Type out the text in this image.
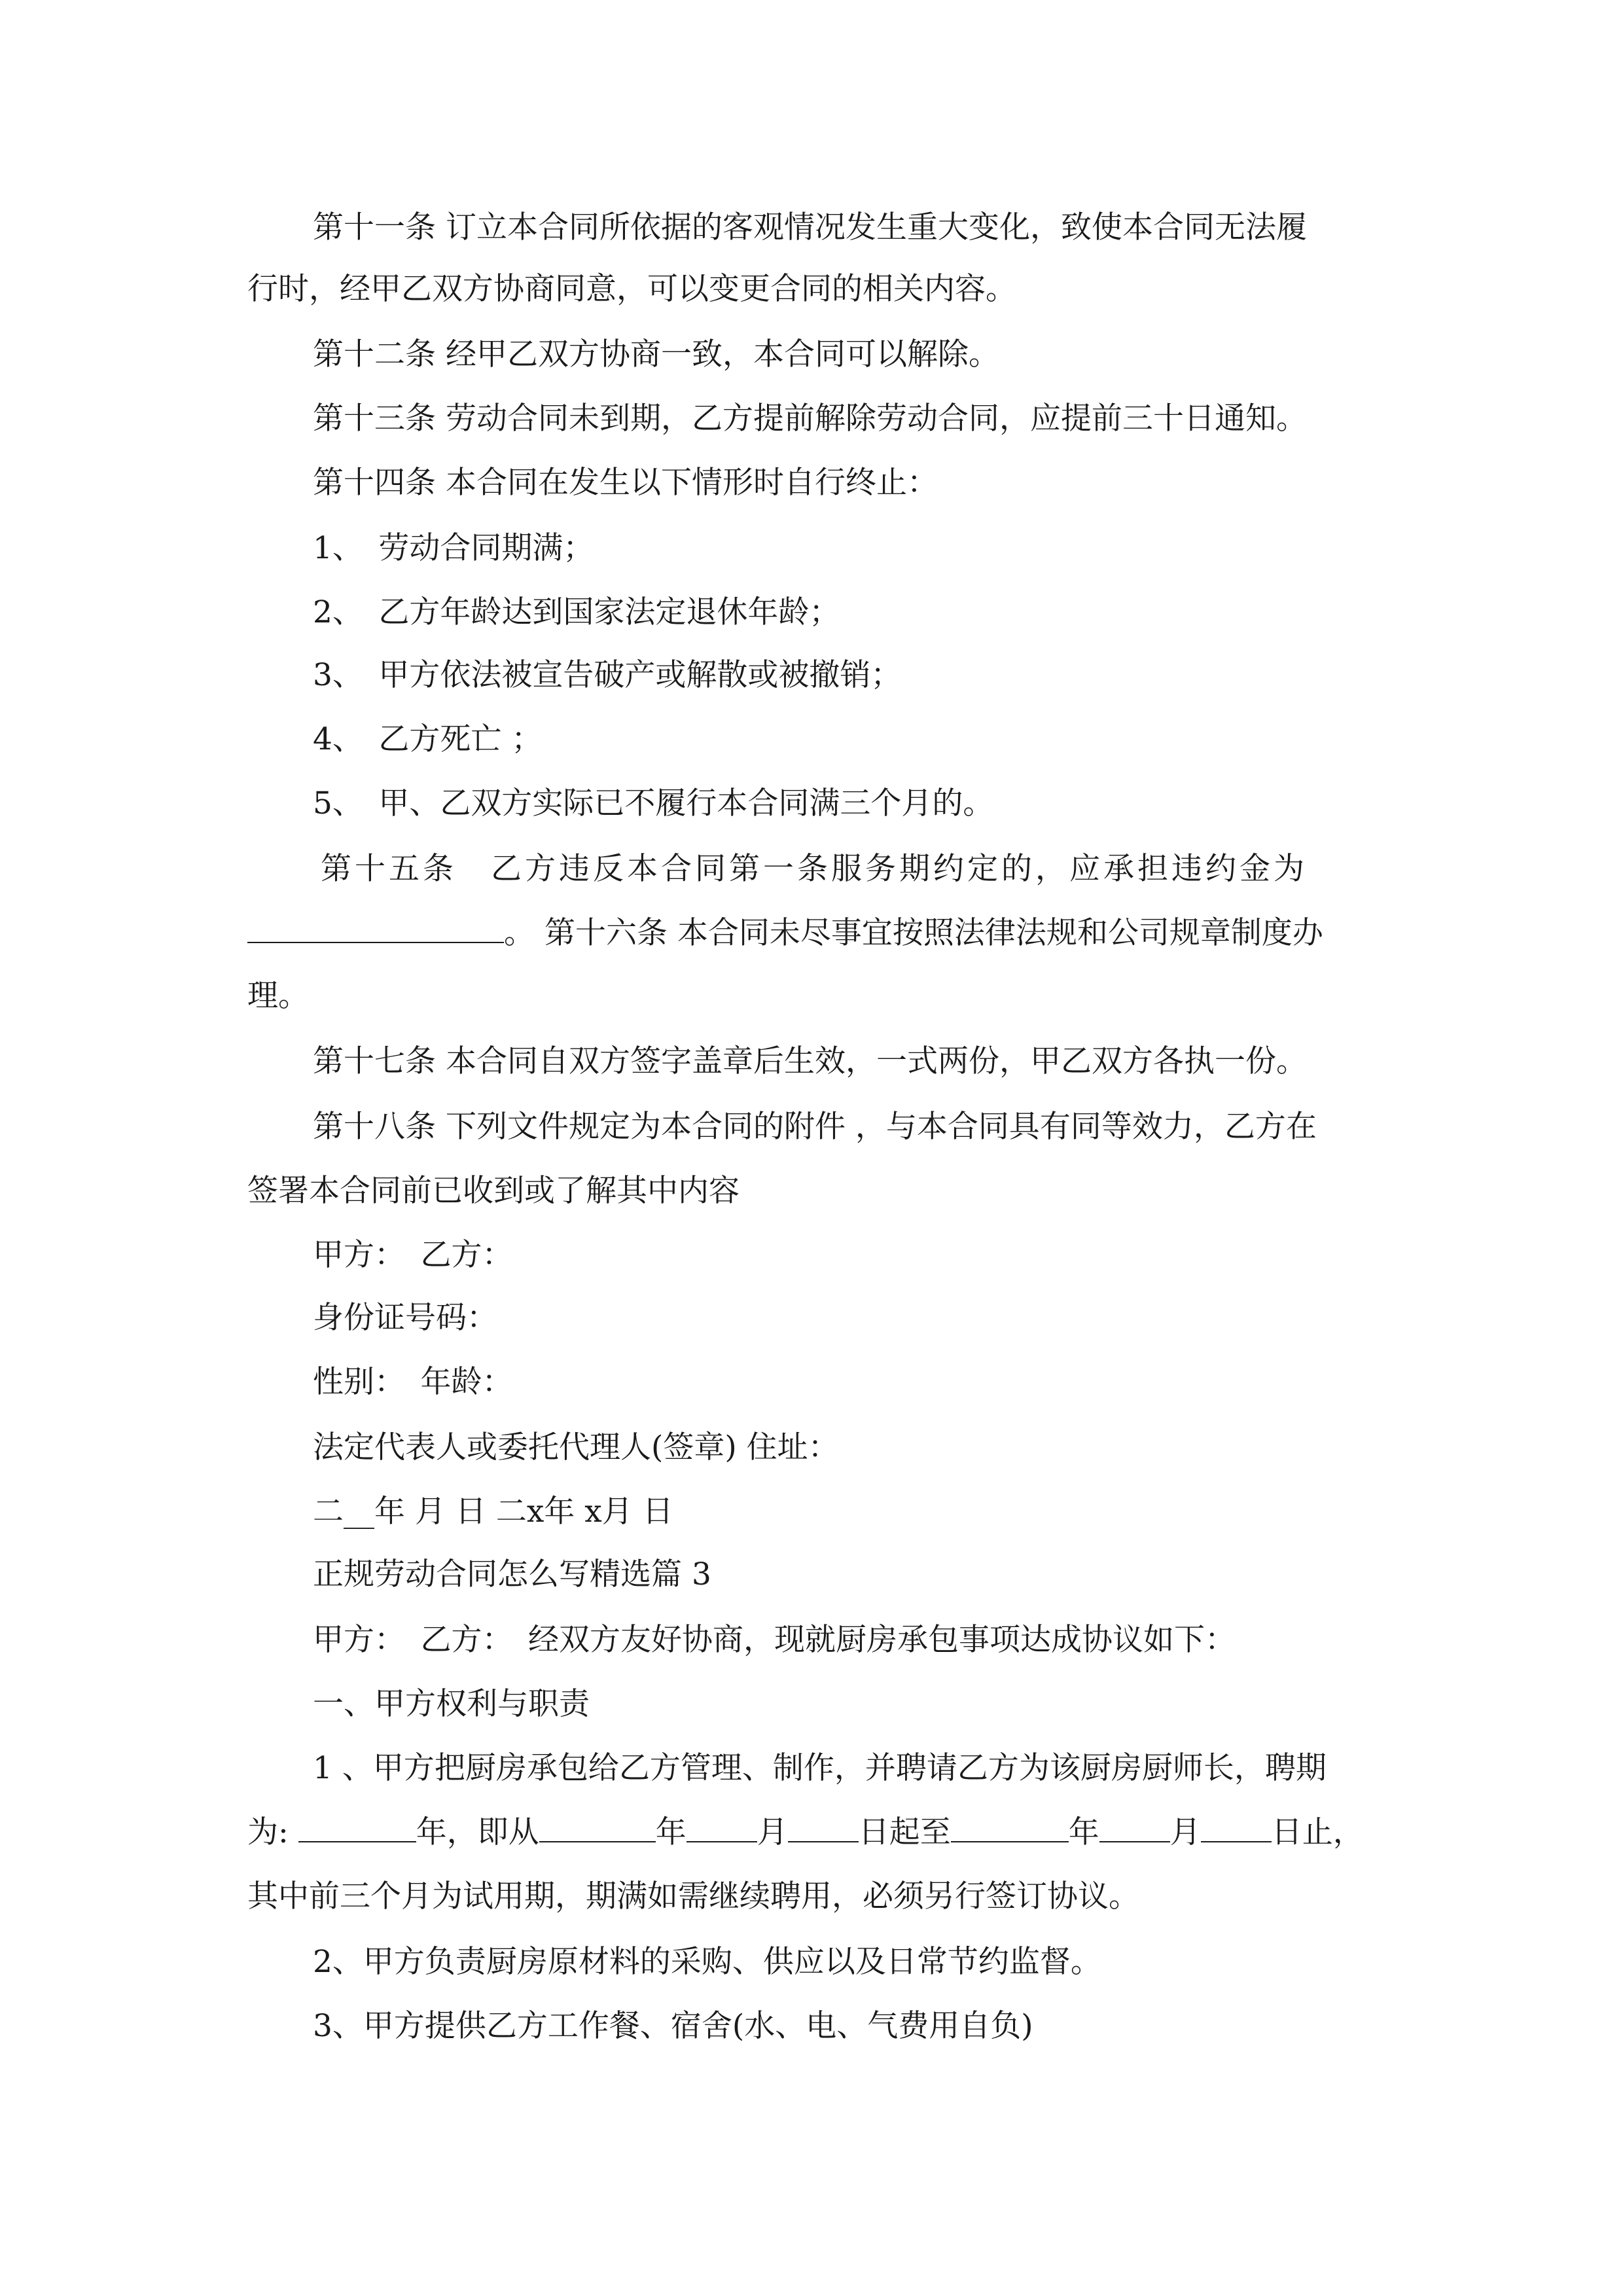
第十一条 订立本合同所依据的客观情况发生重大变化，致使本合同无法履
行时，经甲乙双方协商同意，可以变更合同的相关内容。
第十二条 经甲乙双方协商一致，本合同可以解除。
第十三条 劳动合同未到期，乙方提前解除劳动合同，应提前三十日通知。
第十四条 本合同在发生以下情形时自行终止：
1、　劳动合同期满；
2、　乙方年龄达到国家法定退休年龄；
3、　甲方依法被宣告破产或解散或被撤销；
4、　乙方死亡 ；
5、　甲、乙双方实际已不履行本合同满三个月的。
第十五条　乙方违反本合同第一条服务期约定的，应承担违约金为
。 第十六条 本合同未尽事宜按照法律法规和公司规章制度办
理。
第十七条 本合同自双方签字盖章后生效，一式两份，甲乙双方各执一份。
第十八条 下列文件规定为本合同的附件 ，与本合同具有同等效力，乙方在
签署本合同前已收到或了解其中内容
甲方：　乙方：
身份证号码：
性别：　年龄：
法定代表人或委托代理人(签章) 住址：
二__年 月 日 二x年 x月 日
正规劳动合同怎么写精选篇 3
甲方：　乙方：　经双方友好协商，现就厨房承包事项达成协议如下：
一、甲方权利与职责
1 、甲方把厨房承包给乙方管理、制作，并聘请乙方为该厨房厨师长，聘期
为:	年，即从	年 月 日起至	年 月 日止，
其中前三个月为试用期，期满如需继续聘用，必须另行签订协议。
2、甲方负责厨房原材料的采购、供应以及日常节约监督。
3、甲方提供乙方工作餐、宿舍(水、电、气费用自负)
